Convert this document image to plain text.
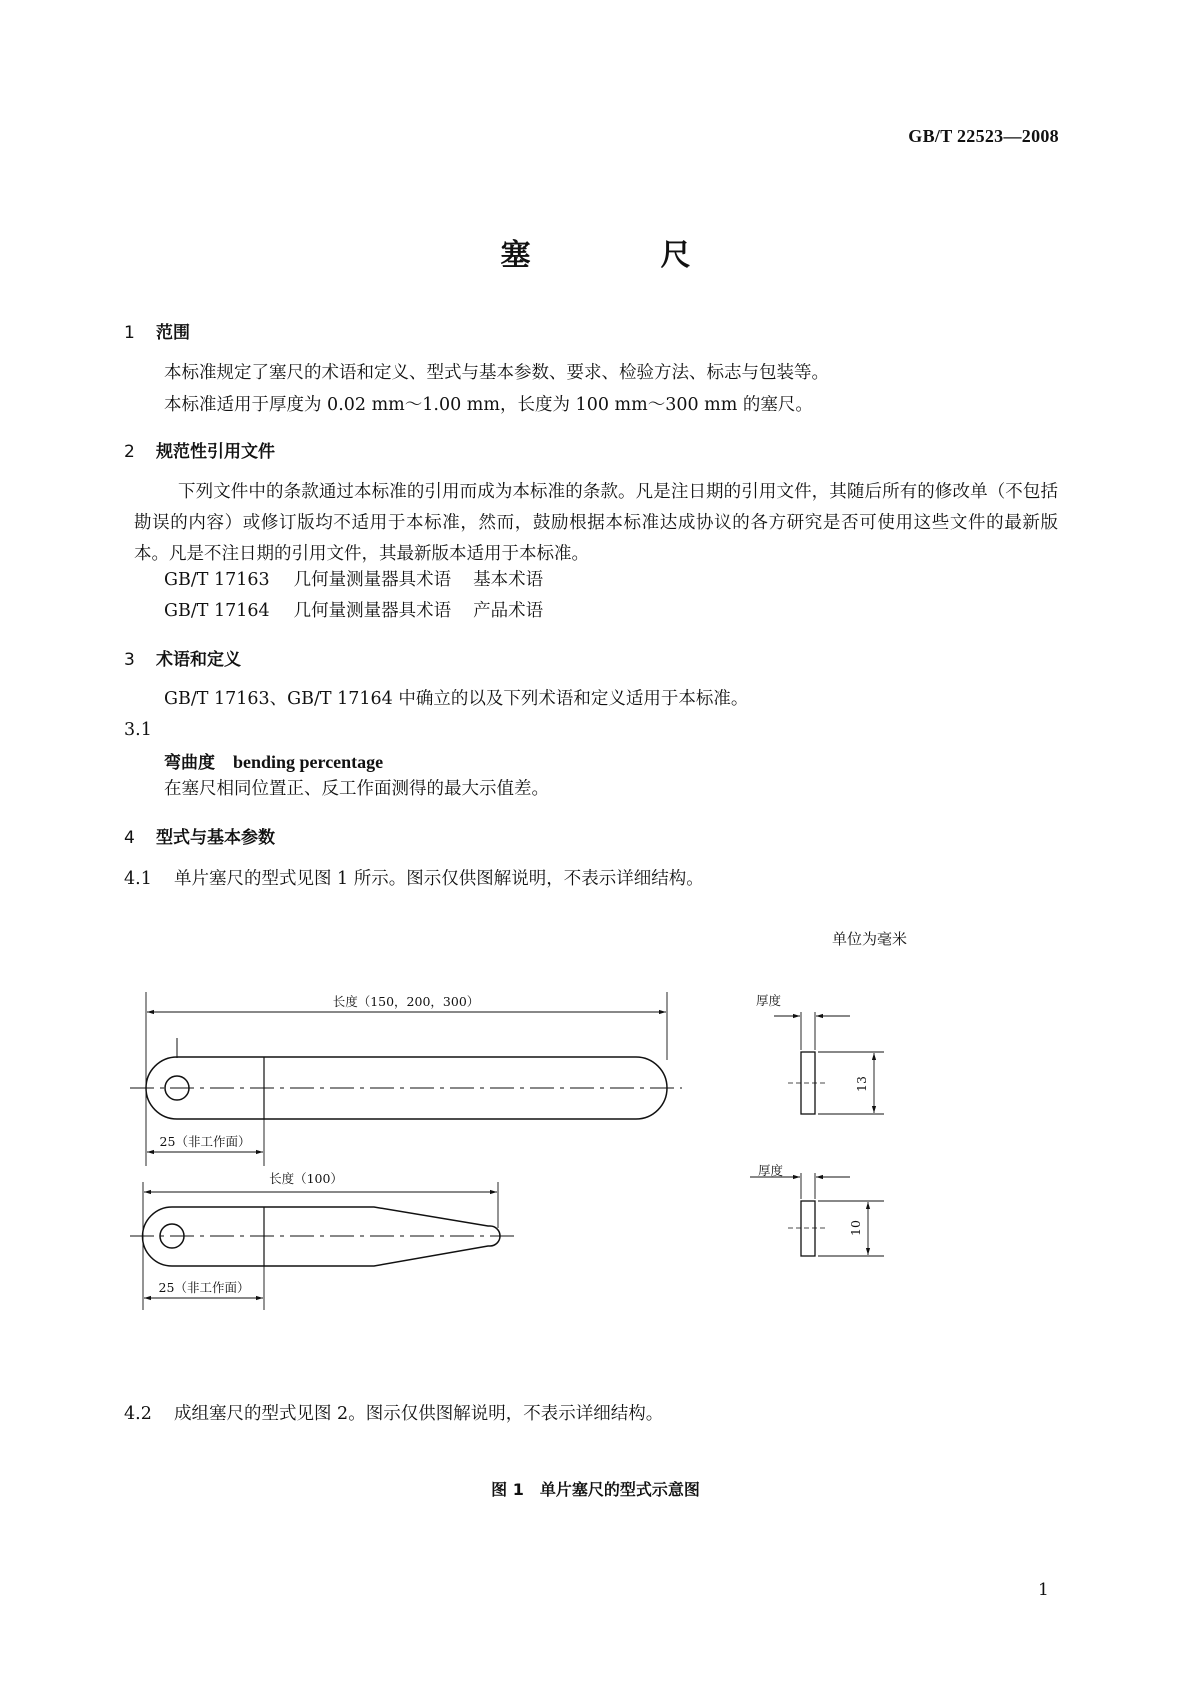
GB/T 22523—2008
塞	尺
1 范围
本标准规定了塞尺的术语和定义、型式与基本参数、要求、检验方法、标志与包装等。
本标准适用于厚度为 0.02 mm～1.00 mm，长度为 100 mm～300 mm 的塞尺。
2 规范性引用文件
下列文件中的条款通过本标准的引用而成为本标准的条款。凡是注日期的引用文件，其随后所有的修改单（不包括勘误的内容）或修订版均不适用于本标准，然而，鼓励根据本标准达成协议的各方研究是否可使用这些文件的最新版本。凡是不注日期的引用文件，其最新版本适用于本标准。
GB/T 17163 几何量测量器具术语 基本术语
GB/T 17164 几何量测量器具术语 产品术语
3 术语和定义
GB/T 17163、GB/T 17164 中确立的以及下列术语和定义适用于本标准。
3.1
弯曲度 bending percentage
在塞尺相同位置正、反工作面测得的最大示值差。
4 型式与基本参数
4.1 单片塞尺的型式见图 1 所示。图示仅供图解说明，不表示详细结构。
单位为毫米
长度（150，200，300）
25（非工作面）
长度（100）
25（非工作面）
厚度
厚度
13
10
图 1　单片塞尺的型式示意图
4.2 成组塞尺的型式见图 2。图示仅供图解说明，不表示详细结构。
1
